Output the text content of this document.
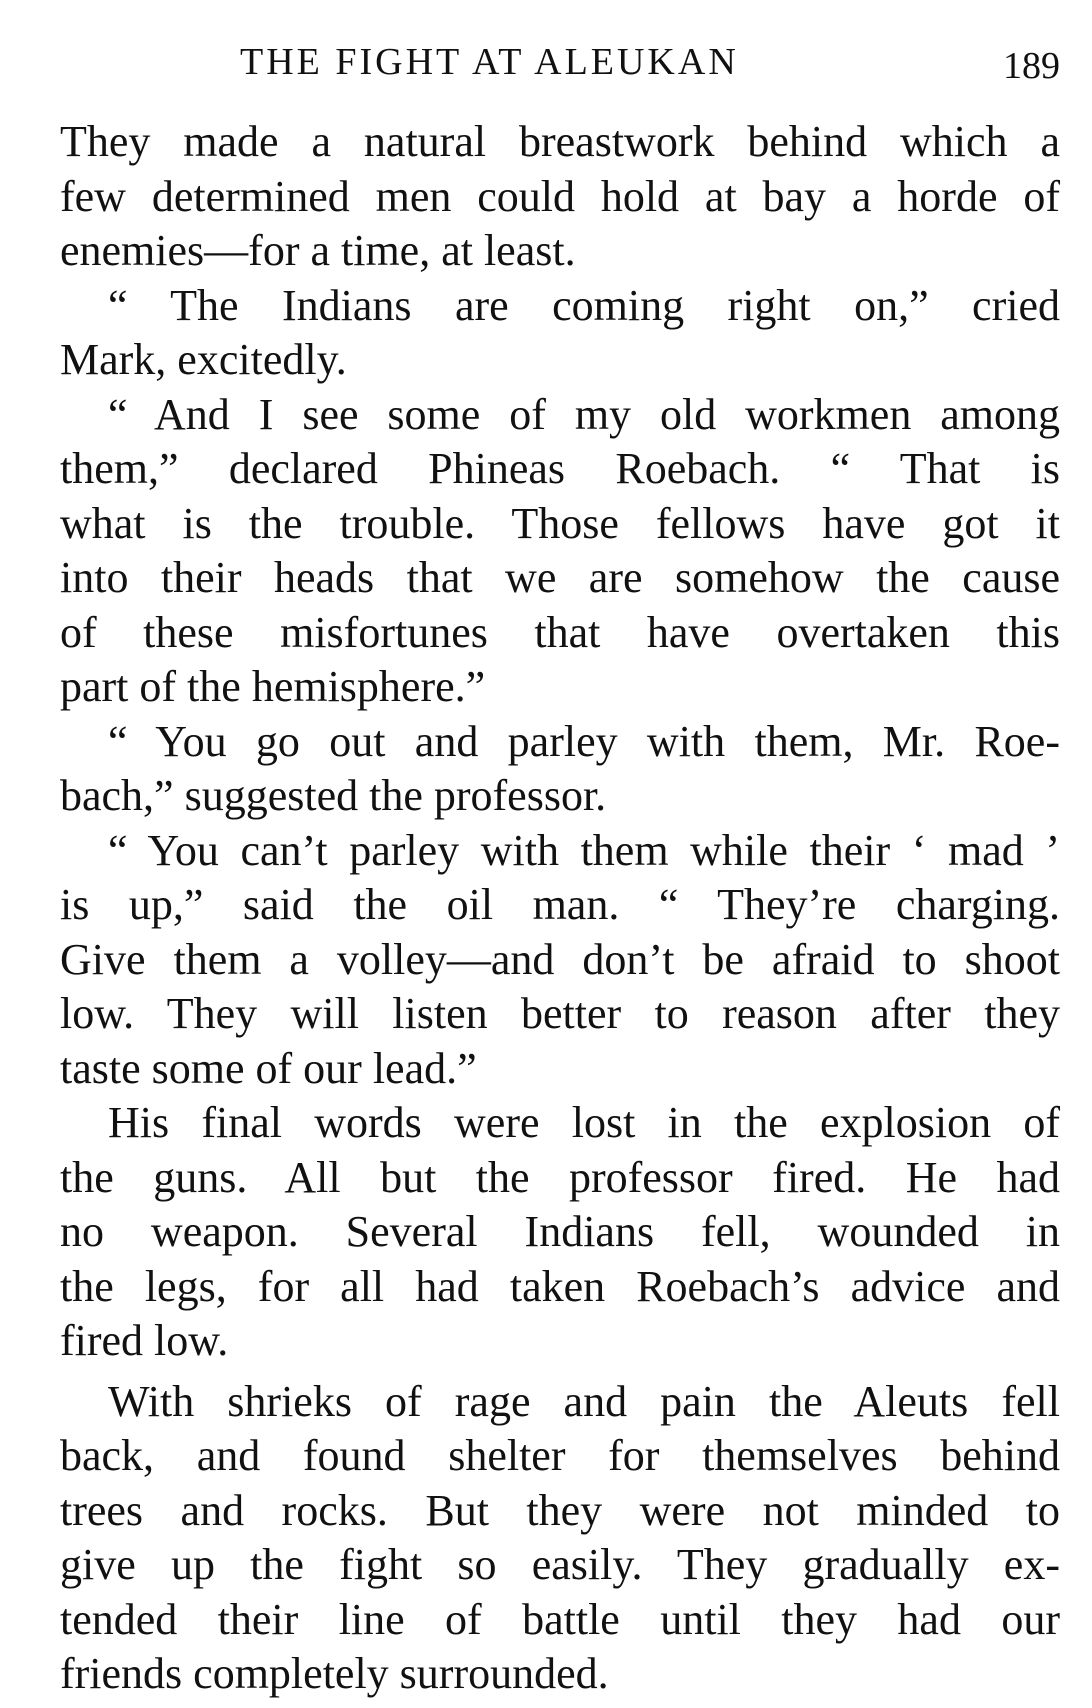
THE FIGHT AT ALEUKAN	189
They made a natural breastwork behind which a
few determined men could hold at bay a horde of
enemies—for a time, at least.
“ The Indians are coming right on,” cried
Mark, excitedly.
“ And I see some of my old workmen among
them,” declared Phineas Roebach. “ That is
what is the trouble. Those fellows have got it
into their heads that we are somehow the cause
of these misfortunes that have overtaken this
part of the hemisphere.”
“ You go out and parley with them, Mr. Roe-
bach,” suggested the professor.
“ You can’t parley with them while their ‘ mad ’
is up,” said the oil man. “ They’re charging.
Give them a volley—and don’t be afraid to shoot
low. They will listen better to reason after they
taste some of our lead.”
His final words were lost in the explosion of
the guns. All but the professor fired. He had
no weapon. Several Indians fell, wounded in
the legs, for all had taken Roebach’s advice and
fired low.
With shrieks of rage and pain the Aleuts fell
back, and found shelter for themselves behind
trees and rocks. But they were not minded to
give up the fight so easily. They gradually ex-
tended their line of battle until they had our
friends completely surrounded.
